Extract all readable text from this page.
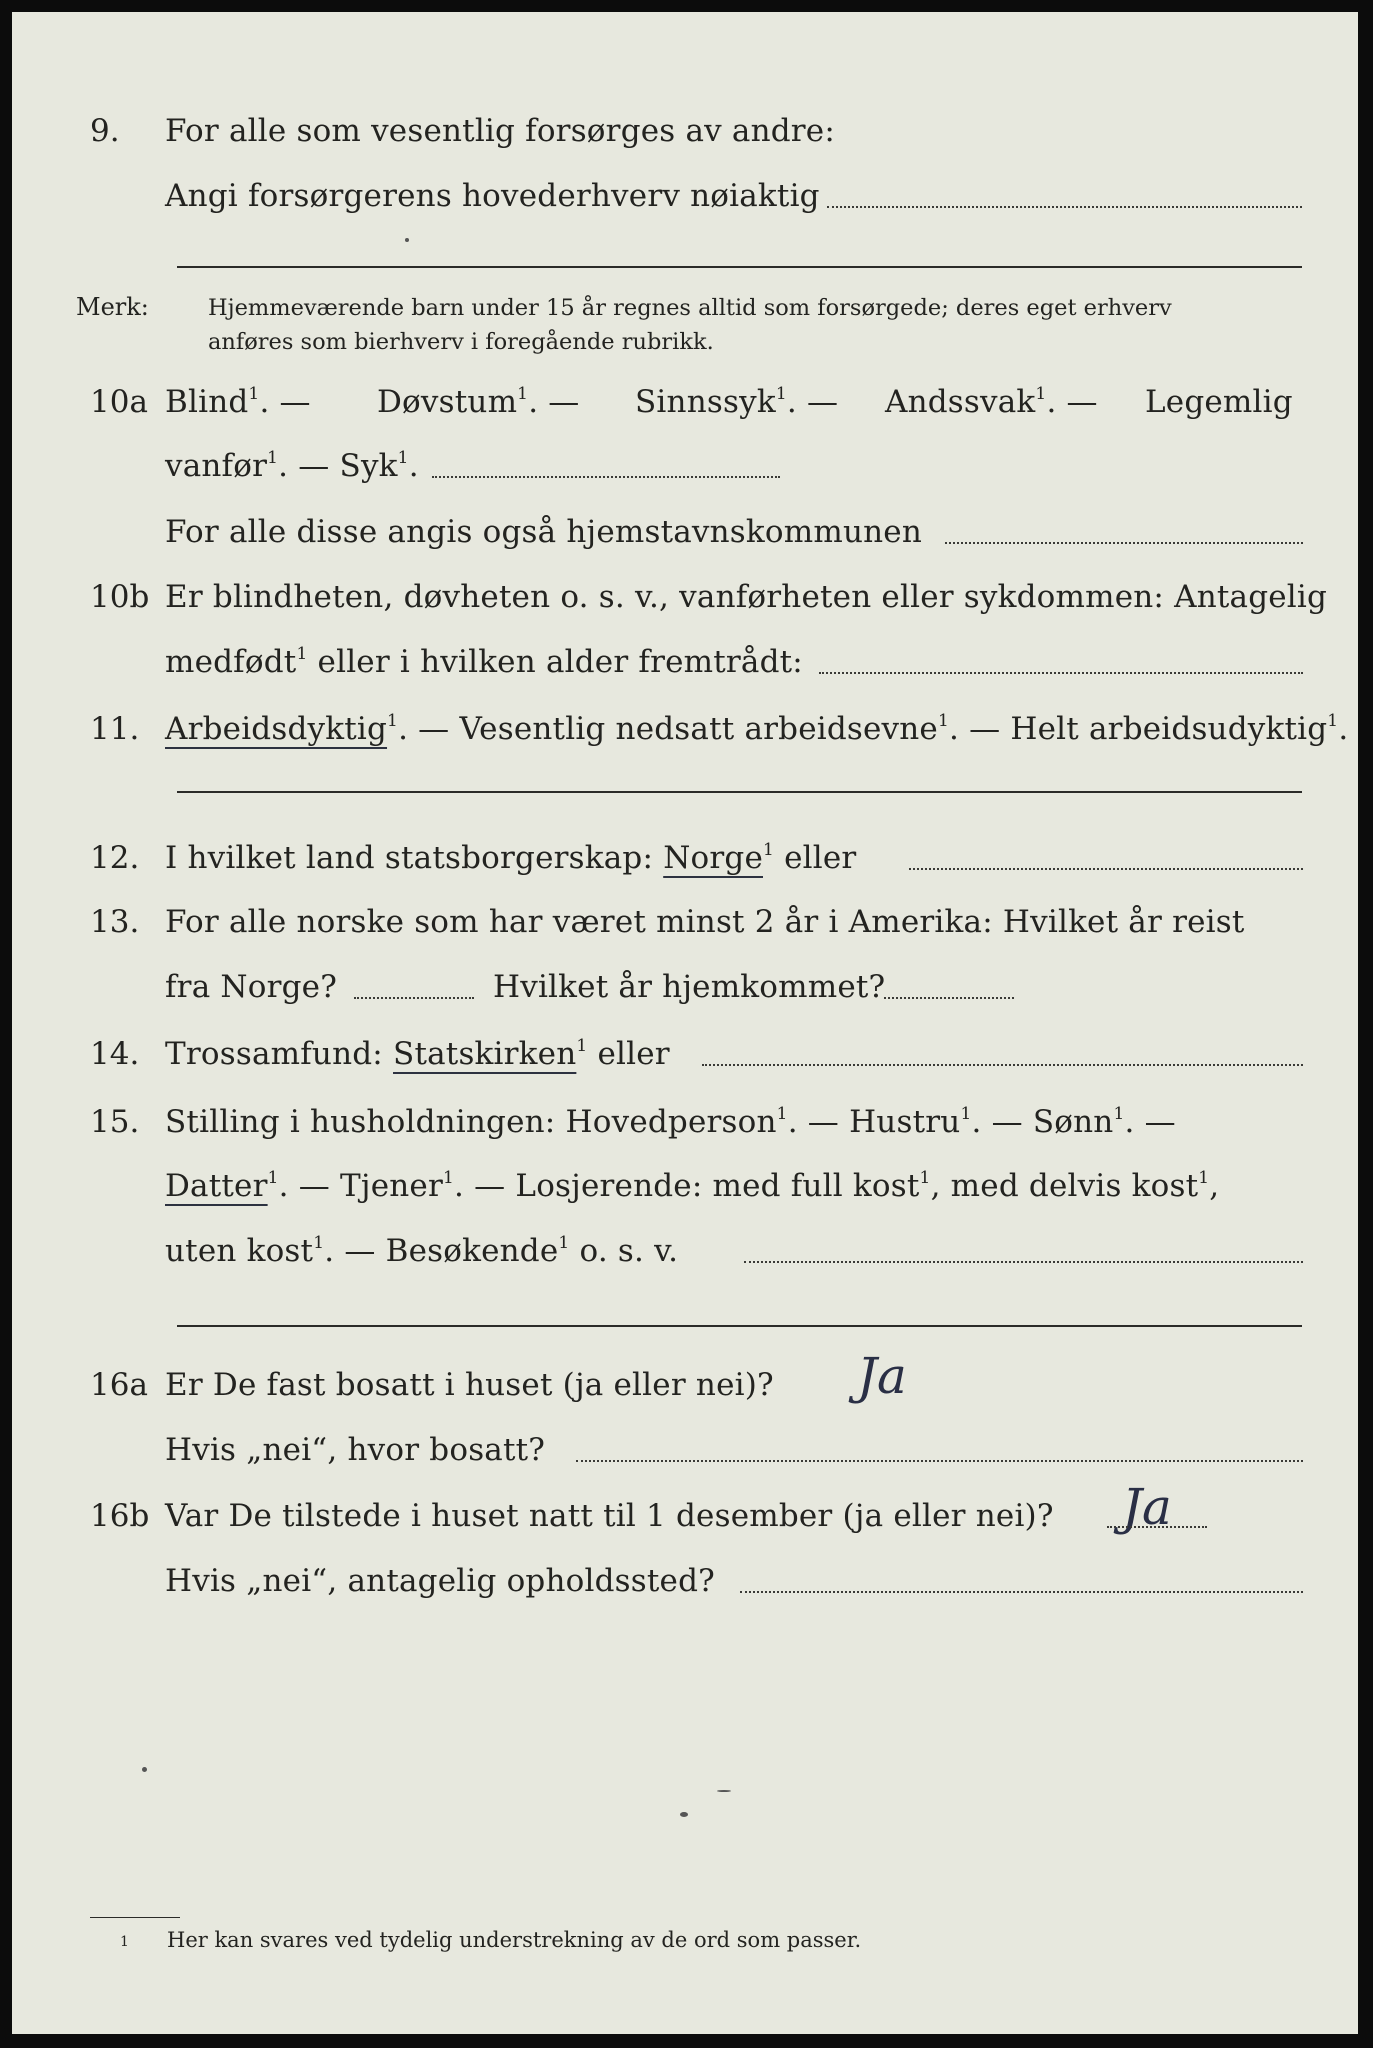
9. For alle som vesentlig forsørges av andre:
Angi forsørgerens hovederhverv nøiaktig
Merk:	Hjemmeværende barn under 15 år regnes alltid som forsørgede; deres eget erhverv
anføres som bierhverv i foregående rubrikk.
10a Blind$^1$. — Døvstum$^1$. — Sinnssyk$^1$. — Andssvak$^1$. — Legemlig
vanfør$^1$. — Syk$^1$.
For alle disse angis også hjemstavnskommunen
10b Er blindheten, døvheten o. s. v., vanførheten eller sykdommen: Antagelig
medfødt$^1$ eller i hvilken alder fremtrådt:
11. Arbeidsdyktig$^1$. — Vesentlig nedsatt arbeidsevne$^1$. — Helt arbeidsudyktig$^1$.
12. I hvilket land statsborgerskap: Norge$^1$ eller
13. For alle norske som har været minst 2 år i Amerika: Hvilket år reist
fra Norge?	Hvilket år hjemkommet?
14. Trossamfund: Statskirken$^1$ eller
15. Stilling i husholdningen: Hovedperson$^1$. — Hustru$^1$. — Sønn$^1$. —
Datter$^1$. — Tjener$^1$. — Losjerende: med full kost$^1$, med delvis kost$^1$,
uten kost$^1$. — Besøkende$^1$ o. s. v.
16a Er De fast bosatt i huset (ja eller nei)? Ja
Hvis „nei“, hvor bosatt?
16b Var De tilstede i huset natt til 1 desember (ja eller nei)? Ja
Hvis „nei“, antagelig opholdssted?
1 Her kan svares ved tydelig understrekning av de ord som passer.
